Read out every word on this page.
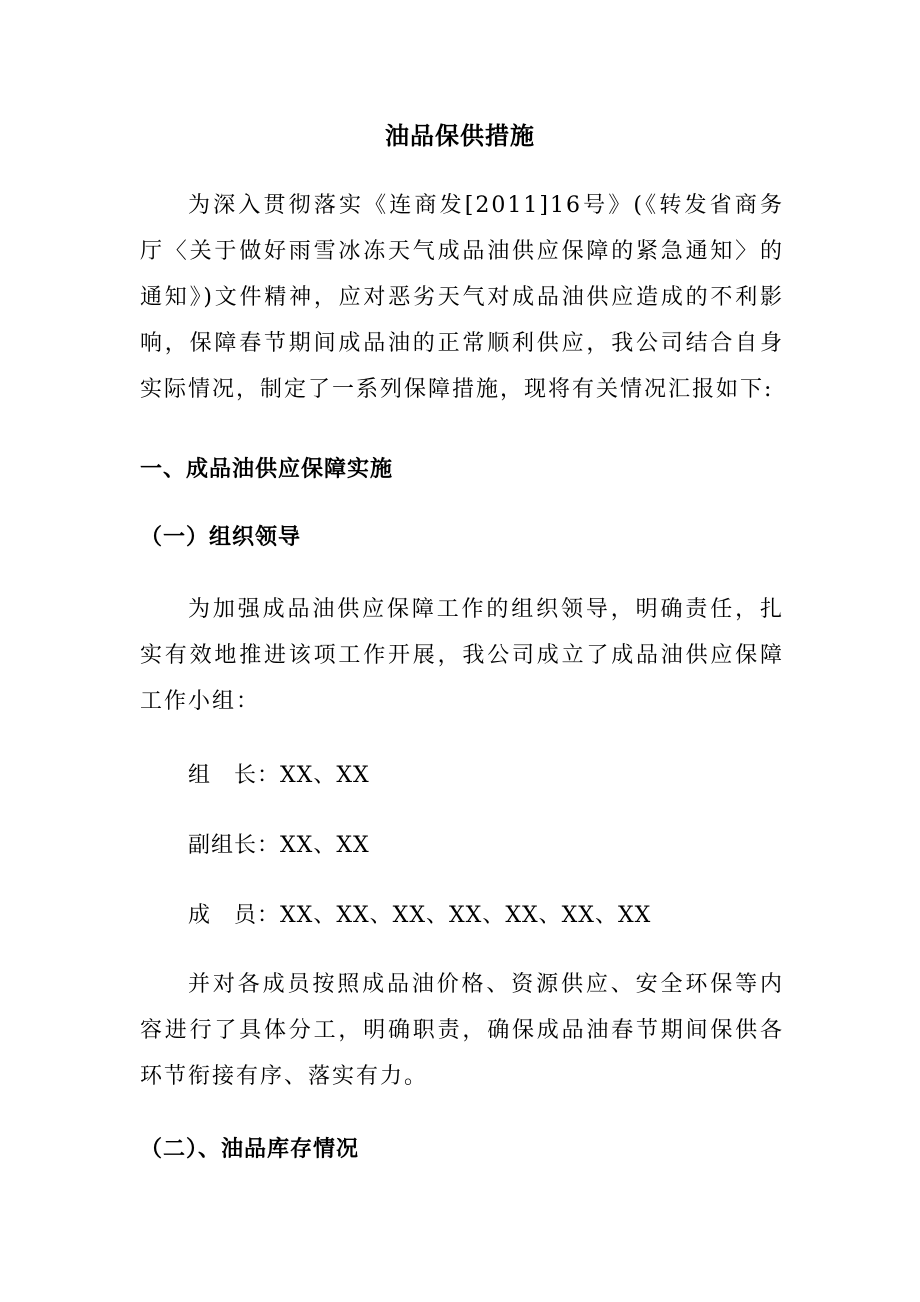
油品保供措施

为深入贯彻落实《连商发[2011]16号》(《转发省商务厅〈关于做好雨雪冰冻天气成品油供应保障的紧急通知〉的通知》)文件精神，应对恶劣天气对成品油供应造成的不利影响，保障春节期间成品油的正常顺利供应，我公司结合自身实际情况，制定了一系列保障措施，现将有关情况汇报如下:

一、成品油供应保障实施
（一）组织领导

为加强成品油供应保障工作的组织领导，明确责任，扎实有效地推进该项工作开展，我公司成立了成品油供应保障工作小组：

组　长：XX、XX
副组长：XX、XX
成　员：XX、XX、XX、XX、XX、XX、XX

并对各成员按照成品油价格、资源供应、安全环保等内容进行了具体分工，明确职责，确保成品油春节期间保供各环节衔接有序、落实有力。

（二）、油品库存情况
